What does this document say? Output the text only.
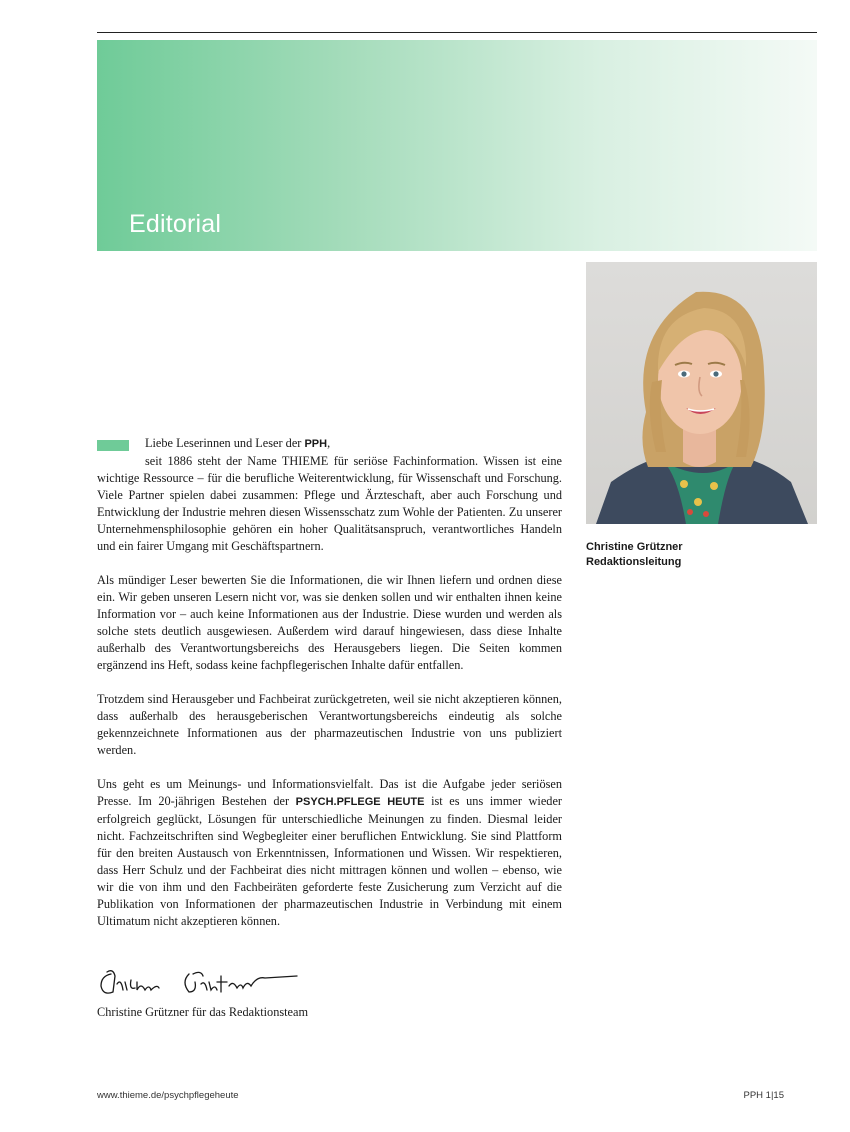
Editorial
Christine Grützner
Redaktionsleitung
Liebe Leserinnen und Leser der PPH,

seit 1886 steht der Name THIEME für seriöse Fachinformation. Wissen ist eine wichtige Ressource – für die berufliche Weiterentwicklung, für Wissenschaft und Forschung. Viele Partner spielen dabei zusammen: Pflege und Ärzteschaft, aber auch Forschung und Entwicklung der Industrie mehren diesen Wissensschatz zum Wohle der Patienten. Zu unserer Unternehmensphilosophie gehören ein hoher Qualitätsanspruch, verantwortliches Handeln und ein fairer Umgang mit Geschäftspartnern.

Als mündiger Leser bewerten Sie die Informationen, die wir Ihnen liefern und ordnen diese ein. Wir geben unseren Lesern nicht vor, was sie denken sollen und wir enthalten ihnen keine Information vor – auch keine Informationen aus der Industrie. Diese wurden und werden als solche stets deutlich ausgewiesen. Außerdem wird darauf hingewiesen, dass diese Inhalte außerhalb des Verantwortungsbereichs des Herausgebers liegen. Die Seiten kommen ergänzend ins Heft, sodass keine fachpflegerischen Inhalte dafür entfallen.

Trotzdem sind Herausgeber und Fachbeirat zurückgetreten, weil sie nicht akzeptieren können, dass außerhalb des herausgeberischen Verantwortungsbereichs eindeutig als solche gekennzeichnete Informationen aus der pharmazeutischen Industrie von uns publiziert werden.

Uns geht es um Meinungs- und Informationsvielfalt. Das ist die Aufgabe jeder seriösen Presse. Im 20-jährigen Bestehen der PSYCH.PFLEGE HEUTE ist es uns immer wieder erfolgreich geglückt, Lösungen für unterschiedliche Meinungen zu finden. Diesmal leider nicht. Fachzeitschriften sind Wegbegleiter einer beruflichen Entwicklung. Sie sind Plattform für den breiten Austausch von Erkenntnissen, Informationen und Wissen. Wir respektieren, dass Herr Schulz und der Fachbeirat dies nicht mittragen können und wollen – ebenso, wie wir die von ihm und den Fachbeiräten geforderte feste Zusicherung zum Verzicht auf die Publikation von Informationen der pharmazeutischen Industrie in Verbindung mit einem Ultimatum nicht akzeptieren können.

Christine Grützner für das Redaktionsteam
www.thieme.de/psychpflegeheute	PPH 1|15
